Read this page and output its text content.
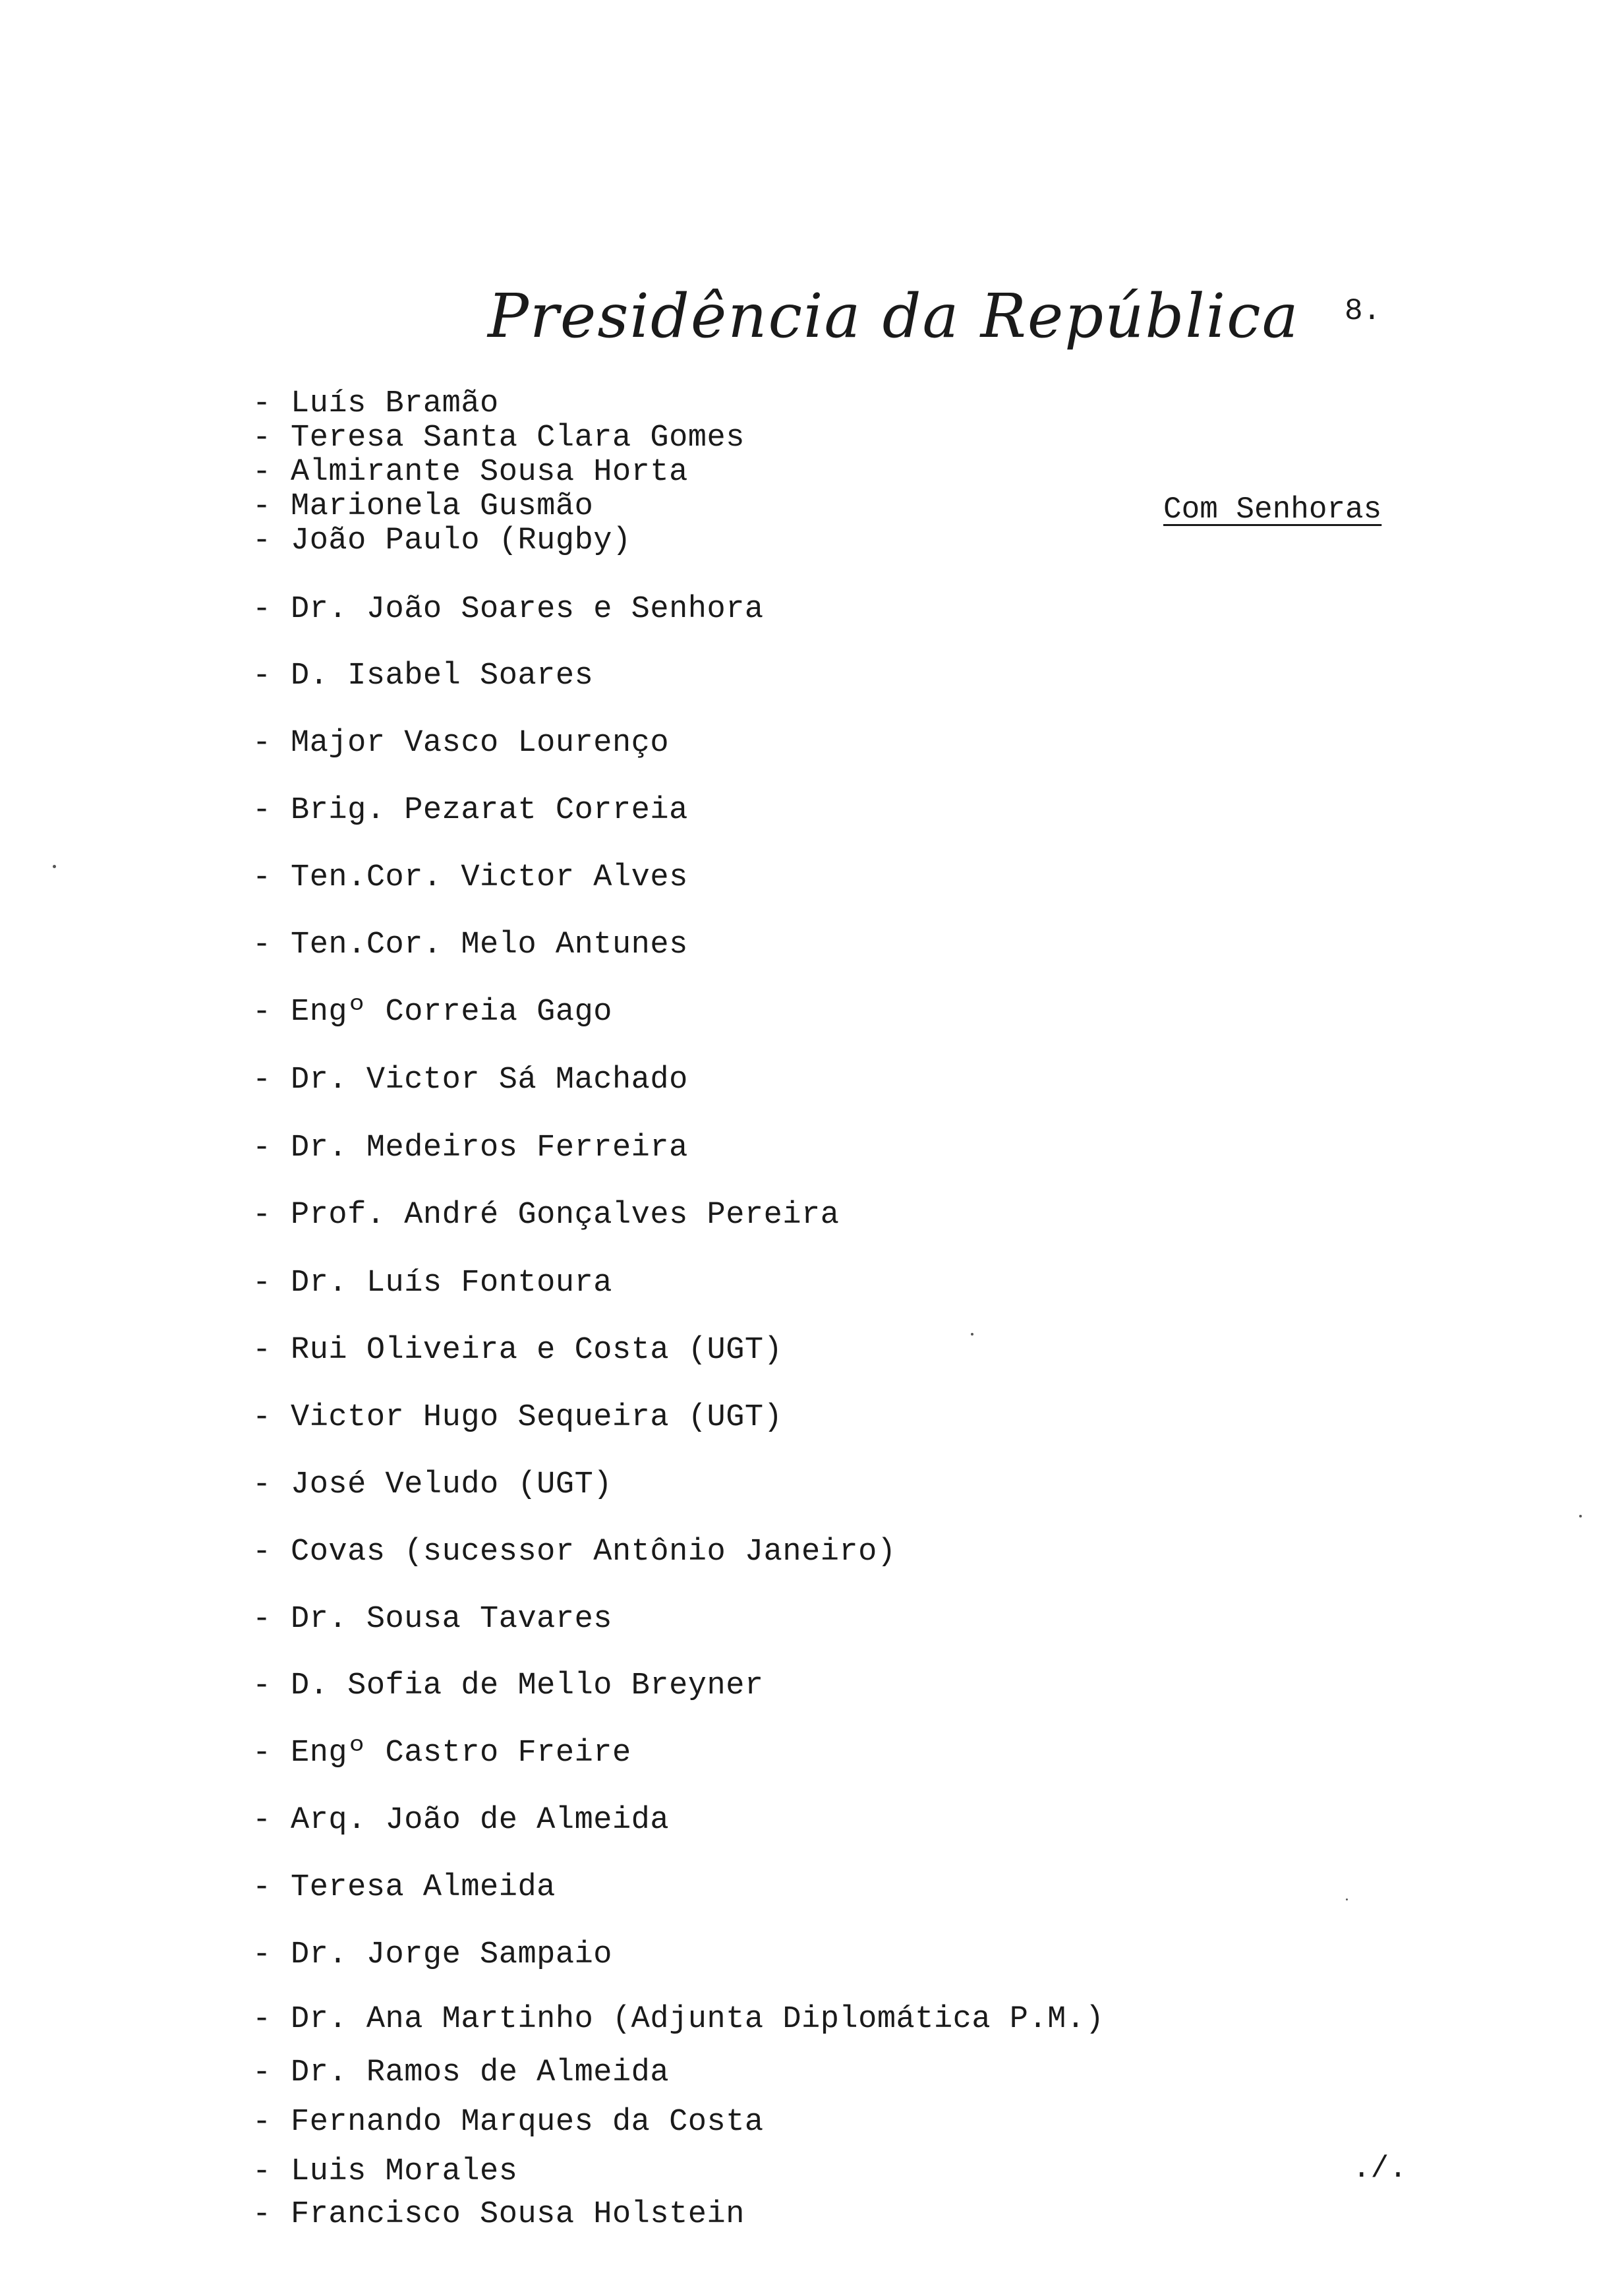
Presidência da República 8.
Com Senhoras
- Luís Bramão
- Teresa Santa Clara Gomes
- Almirante Sousa Horta
- Marionela Gusmão
- João Paulo (Rugby)
- Dr. João Soares e Senhora
- D. Isabel Soares
- Major Vasco Lourenço
- Brig. Pezarat Correia
- Ten.Cor. Victor Alves
- Ten.Cor. Melo Antunes
- Engº Correia Gago
- Dr. Victor Sá Machado
- Dr. Medeiros Ferreira
- Prof. André Gonçalves Pereira
- Dr. Luís Fontoura
- Rui Oliveira e Costa (UGT)
- Victor Hugo Sequeira (UGT)
- José Veludo (UGT)
- Covas (sucessor Antônio Janeiro)
- Dr. Sousa Tavares
- D. Sofia de Mello Breyner
- Engº Castro Freire
- Arq. João de Almeida
- Teresa Almeida
- Dr. Jorge Sampaio
- Dr. Ana Martinho (Adjunta Diplomática P.M.)
- Dr. Ramos de Almeida
- Fernando Marques da Costa
- Luis Morales
- Francisco Sousa Holstein
./.
